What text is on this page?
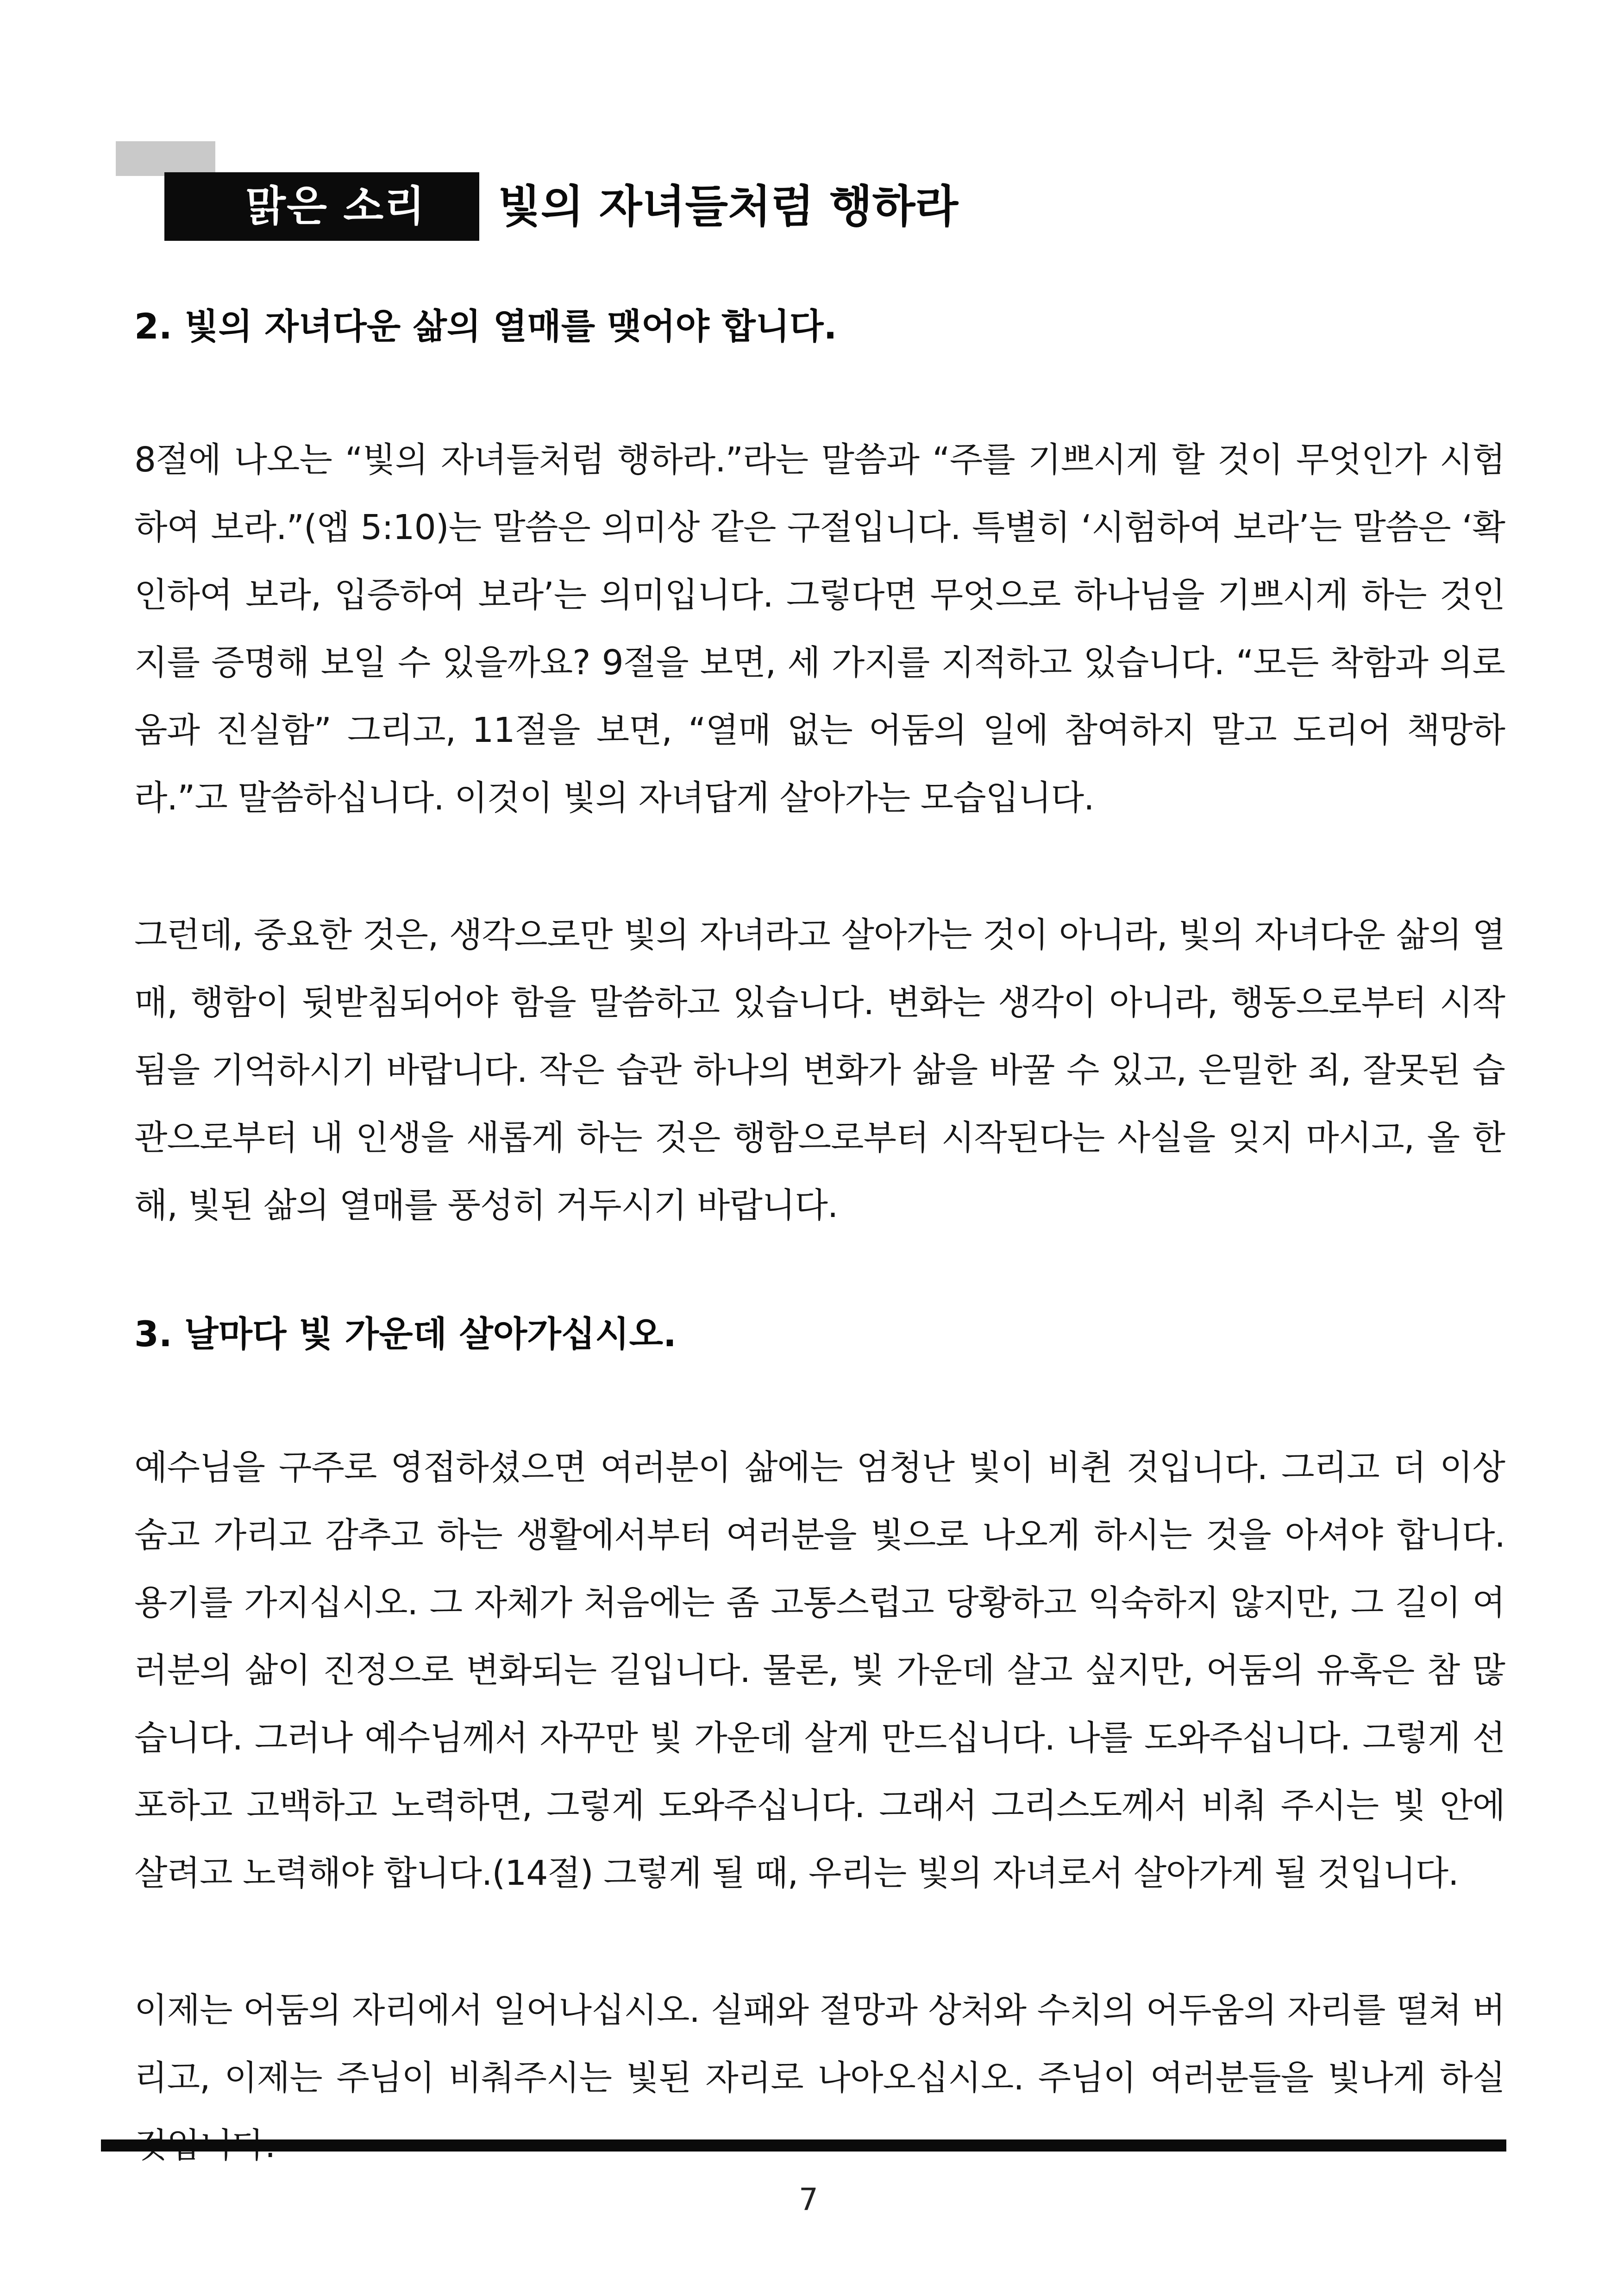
맑은 소리	빛의 자녀들처럼 행하라
2. 빛의 자녀다운 삶의 열매를 맺어야 합니다.

8절에 나오는 “빛의 자녀들처럼 행하라.”라는 말씀과 “주를 기쁘시게 할 것이 무엇인가 시험하여 보라.”(엡 5:10)는 말씀은 의미상 같은 구절입니다. 특별히 ‘시험하여 보라’는 말씀은 ‘확인하여 보라, 입증하여 보라’는 의미입니다. 그렇다면 무엇으로 하나님을 기쁘시게 하는 것인지를 증명해 보일 수 있을까요? 9절을 보면, 세 가지를 지적하고 있습니다. “모든 착함과 의로움과 진실함” 그리고, 11절을 보면, “열매 없는 어둠의 일에 참여하지 말고 도리어 책망하라.”고 말씀하십니다. 이것이 빛의 자녀답게 살아가는 모습입니다.

그런데, 중요한 것은, 생각으로만 빛의 자녀라고 살아가는 것이 아니라, 빛의 자녀다운 삶의 열매, 행함이 뒷받침되어야 함을 말씀하고 있습니다. 변화는 생각이 아니라, 행동으로부터 시작됨을 기억하시기 바랍니다. 작은 습관 하나의 변화가 삶을 바꿀 수 있고, 은밀한 죄, 잘못된 습관으로부터 내 인생을 새롭게 하는 것은 행함으로부터 시작된다는 사실을 잊지 마시고, 올 한 해, 빛된 삶의 열매를 풍성히 거두시기 바랍니다.

3. 날마다 빛 가운데 살아가십시오.

예수님을 구주로 영접하셨으면 여러분이 삶에는 엄청난 빛이 비췬 것입니다. 그리고 더 이상 숨고 가리고 감추고 하는 생활에서부터 여러분을 빛으로 나오게 하시는 것을 아셔야 합니다. 용기를 가지십시오. 그 자체가 처음에는 좀 고통스럽고 당황하고 익숙하지 않지만, 그 길이 여러분의 삶이 진정으로 변화되는 길입니다. 물론, 빛 가운데 살고 싶지만, 어둠의 유혹은 참 많습니다. 그러나 예수님께서 자꾸만 빛 가운데 살게 만드십니다. 나를 도와주십니다. 그렇게 선포하고 고백하고 노력하면, 그렇게 도와주십니다. 그래서 그리스도께서 비춰 주시는 빛 안에 살려고 노력해야 합니다.(14절) 그렇게 될 때, 우리는 빛의 자녀로서 살아가게 될 것입니다.

이제는 어둠의 자리에서 일어나십시오. 실패와 절망과 상처와 수치의 어두움의 자리를 떨쳐 버리고, 이제는 주님이 비춰주시는 빛된 자리로 나아오십시오. 주님이 여러분들을 빛나게 하실

7
